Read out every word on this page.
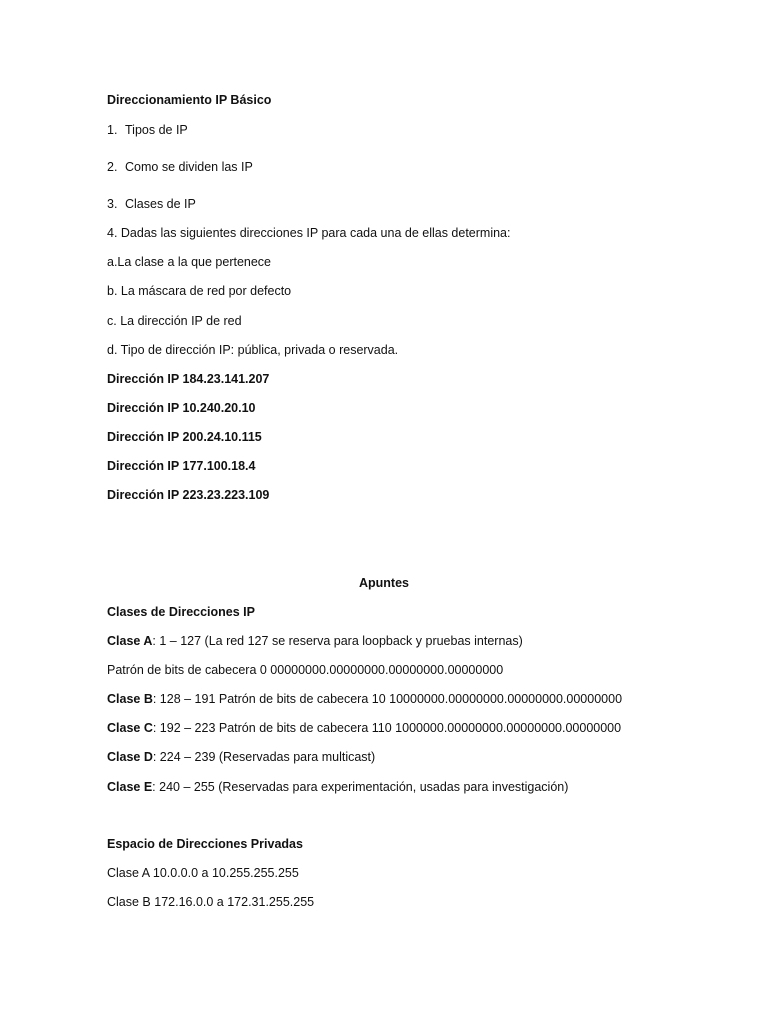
Direccionamiento IP Básico
1. Tipos de IP
2. Como se dividen las IP
3. Clases de IP
4. Dadas las siguientes direcciones IP para cada una de ellas determina:
a.La clase a la que pertenece
b. La máscara de red por defecto
c. La dirección IP de red
d. Tipo de dirección IP: pública, privada o reservada.
Dirección IP 184.23.141.207
Dirección IP 10.240.20.10
Dirección IP 200.24.10.115
Dirección IP 177.100.18.4
Dirección IP 223.23.223.109
Apuntes
Clases de Direcciones IP
Clase A: 1 – 127 (La red 127 se reserva para loopback y pruebas internas)
Patrón de bits de cabecera 0 00000000.00000000.00000000.00000000
Clase B: 128 – 191 Patrón de bits de cabecera 10 10000000.00000000.00000000.00000000
Clase C: 192 – 223 Patrón de bits de cabecera 110 1000000.00000000.00000000.00000000
Clase D: 224 – 239 (Reservadas para multicast)
Clase E: 240 – 255 (Reservadas para experimentación, usadas para investigación)
Espacio de Direcciones Privadas
Clase A 10.0.0.0 a 10.255.255.255
Clase B 172.16.0.0 a 172.31.255.255
